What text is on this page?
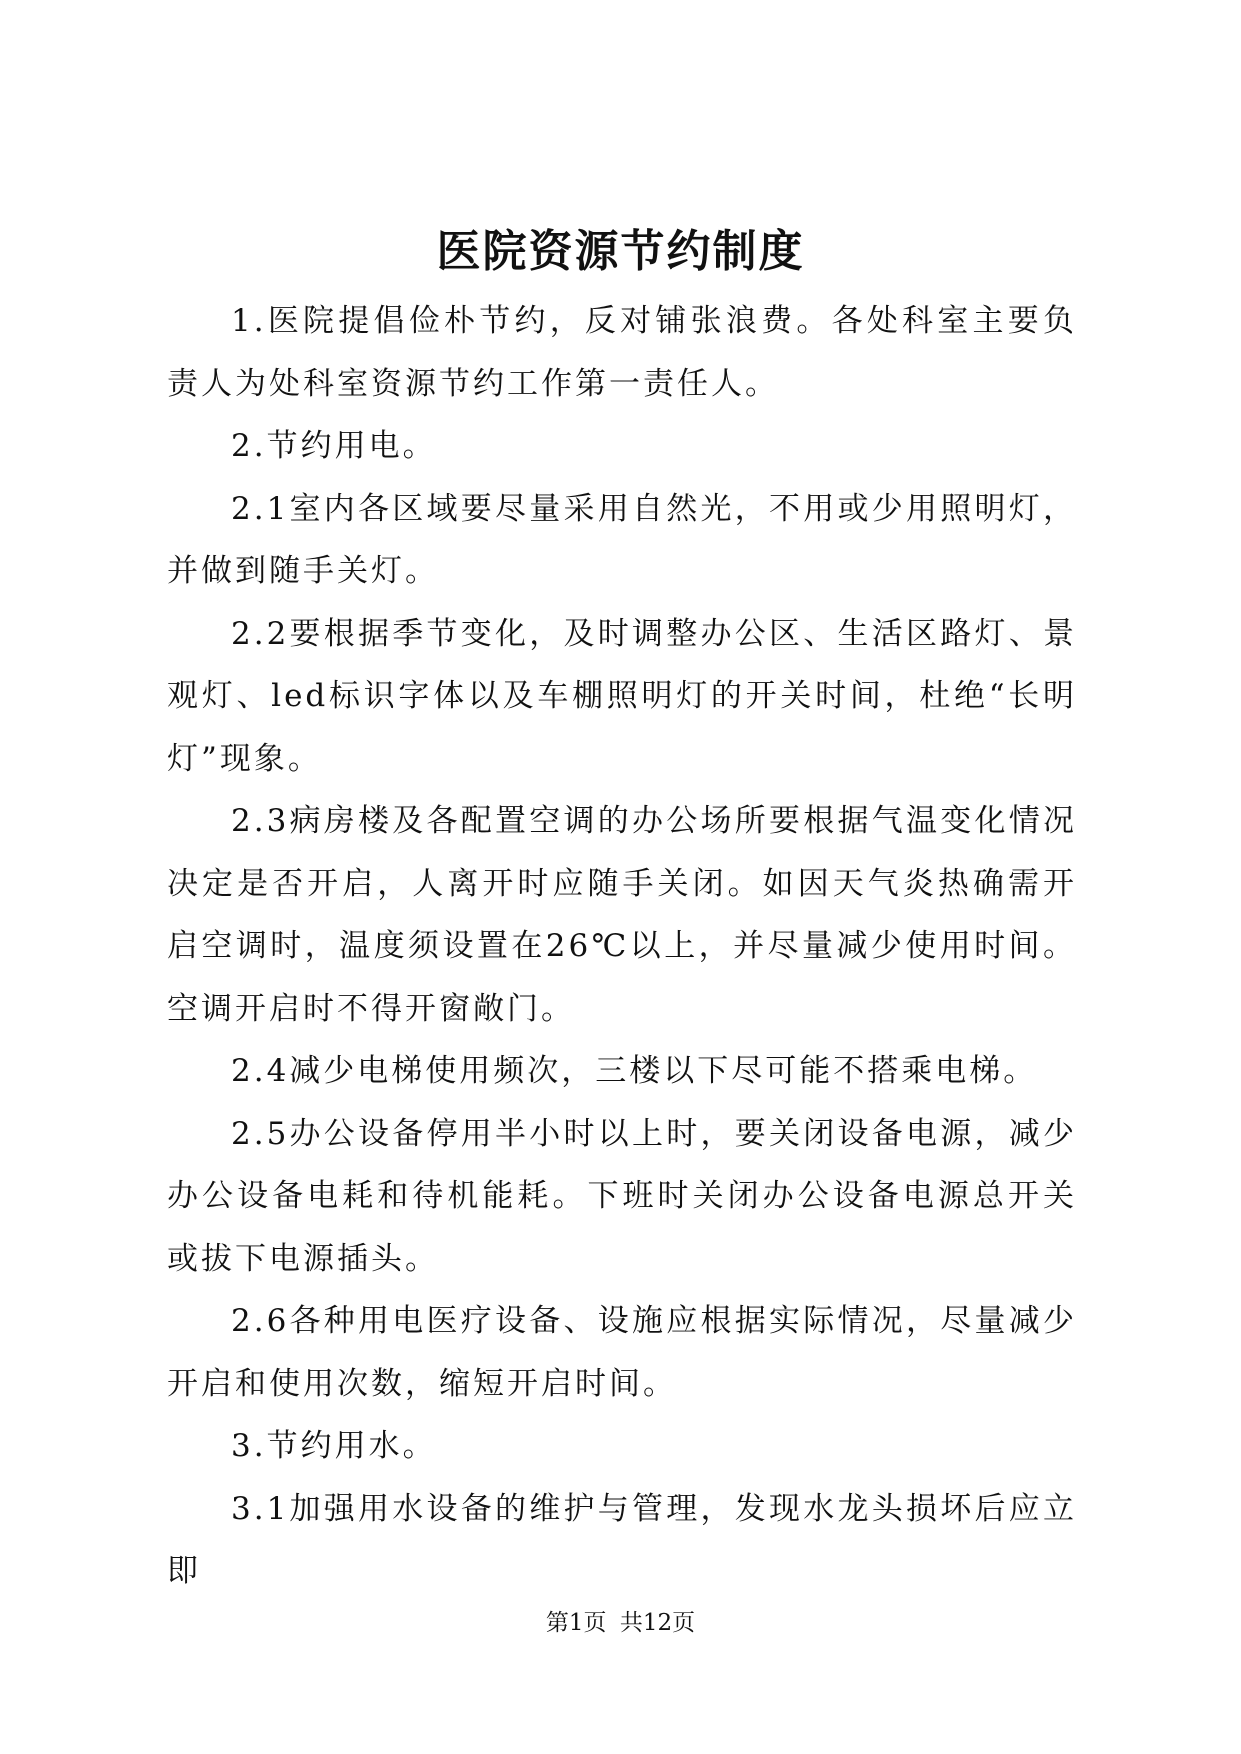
医院资源节约制度

1.医院提倡俭朴节约，反对铺张浪费。各处科室主要负责人为处科室资源节约工作第一责任人。

2.节约用电。

2.1室内各区域要尽量采用自然光，不用或少用照明灯，并做到随手关灯。

2.2要根据季节变化，及时调整办公区、生活区路灯、景观灯、led标识字体以及车棚照明灯的开关时间，杜绝“长明灯”现象。

2.3病房楼及各配置空调的办公场所要根据气温变化情况决定是否开启，人离开时应随手关闭。如因天气炎热确需开启空调时，温度须设置在26℃以上，并尽量减少使用时间。空调开启时不得开窗敞门。

2.4减少电梯使用频次，三楼以下尽可能不搭乘电梯。

2.5办公设备停用半小时以上时，要关闭设备电源，减少办公设备电耗和待机能耗。下班时关闭办公设备电源总开关或拔下电源插头。

2.6各种用电医疗设备、设施应根据实际情况，尽量减少开启和使用次数，缩短开启时间。

3.节约用水。

3.1加强用水设备的维护与管理，发现水龙头损坏后应立即

第1页 共12页
